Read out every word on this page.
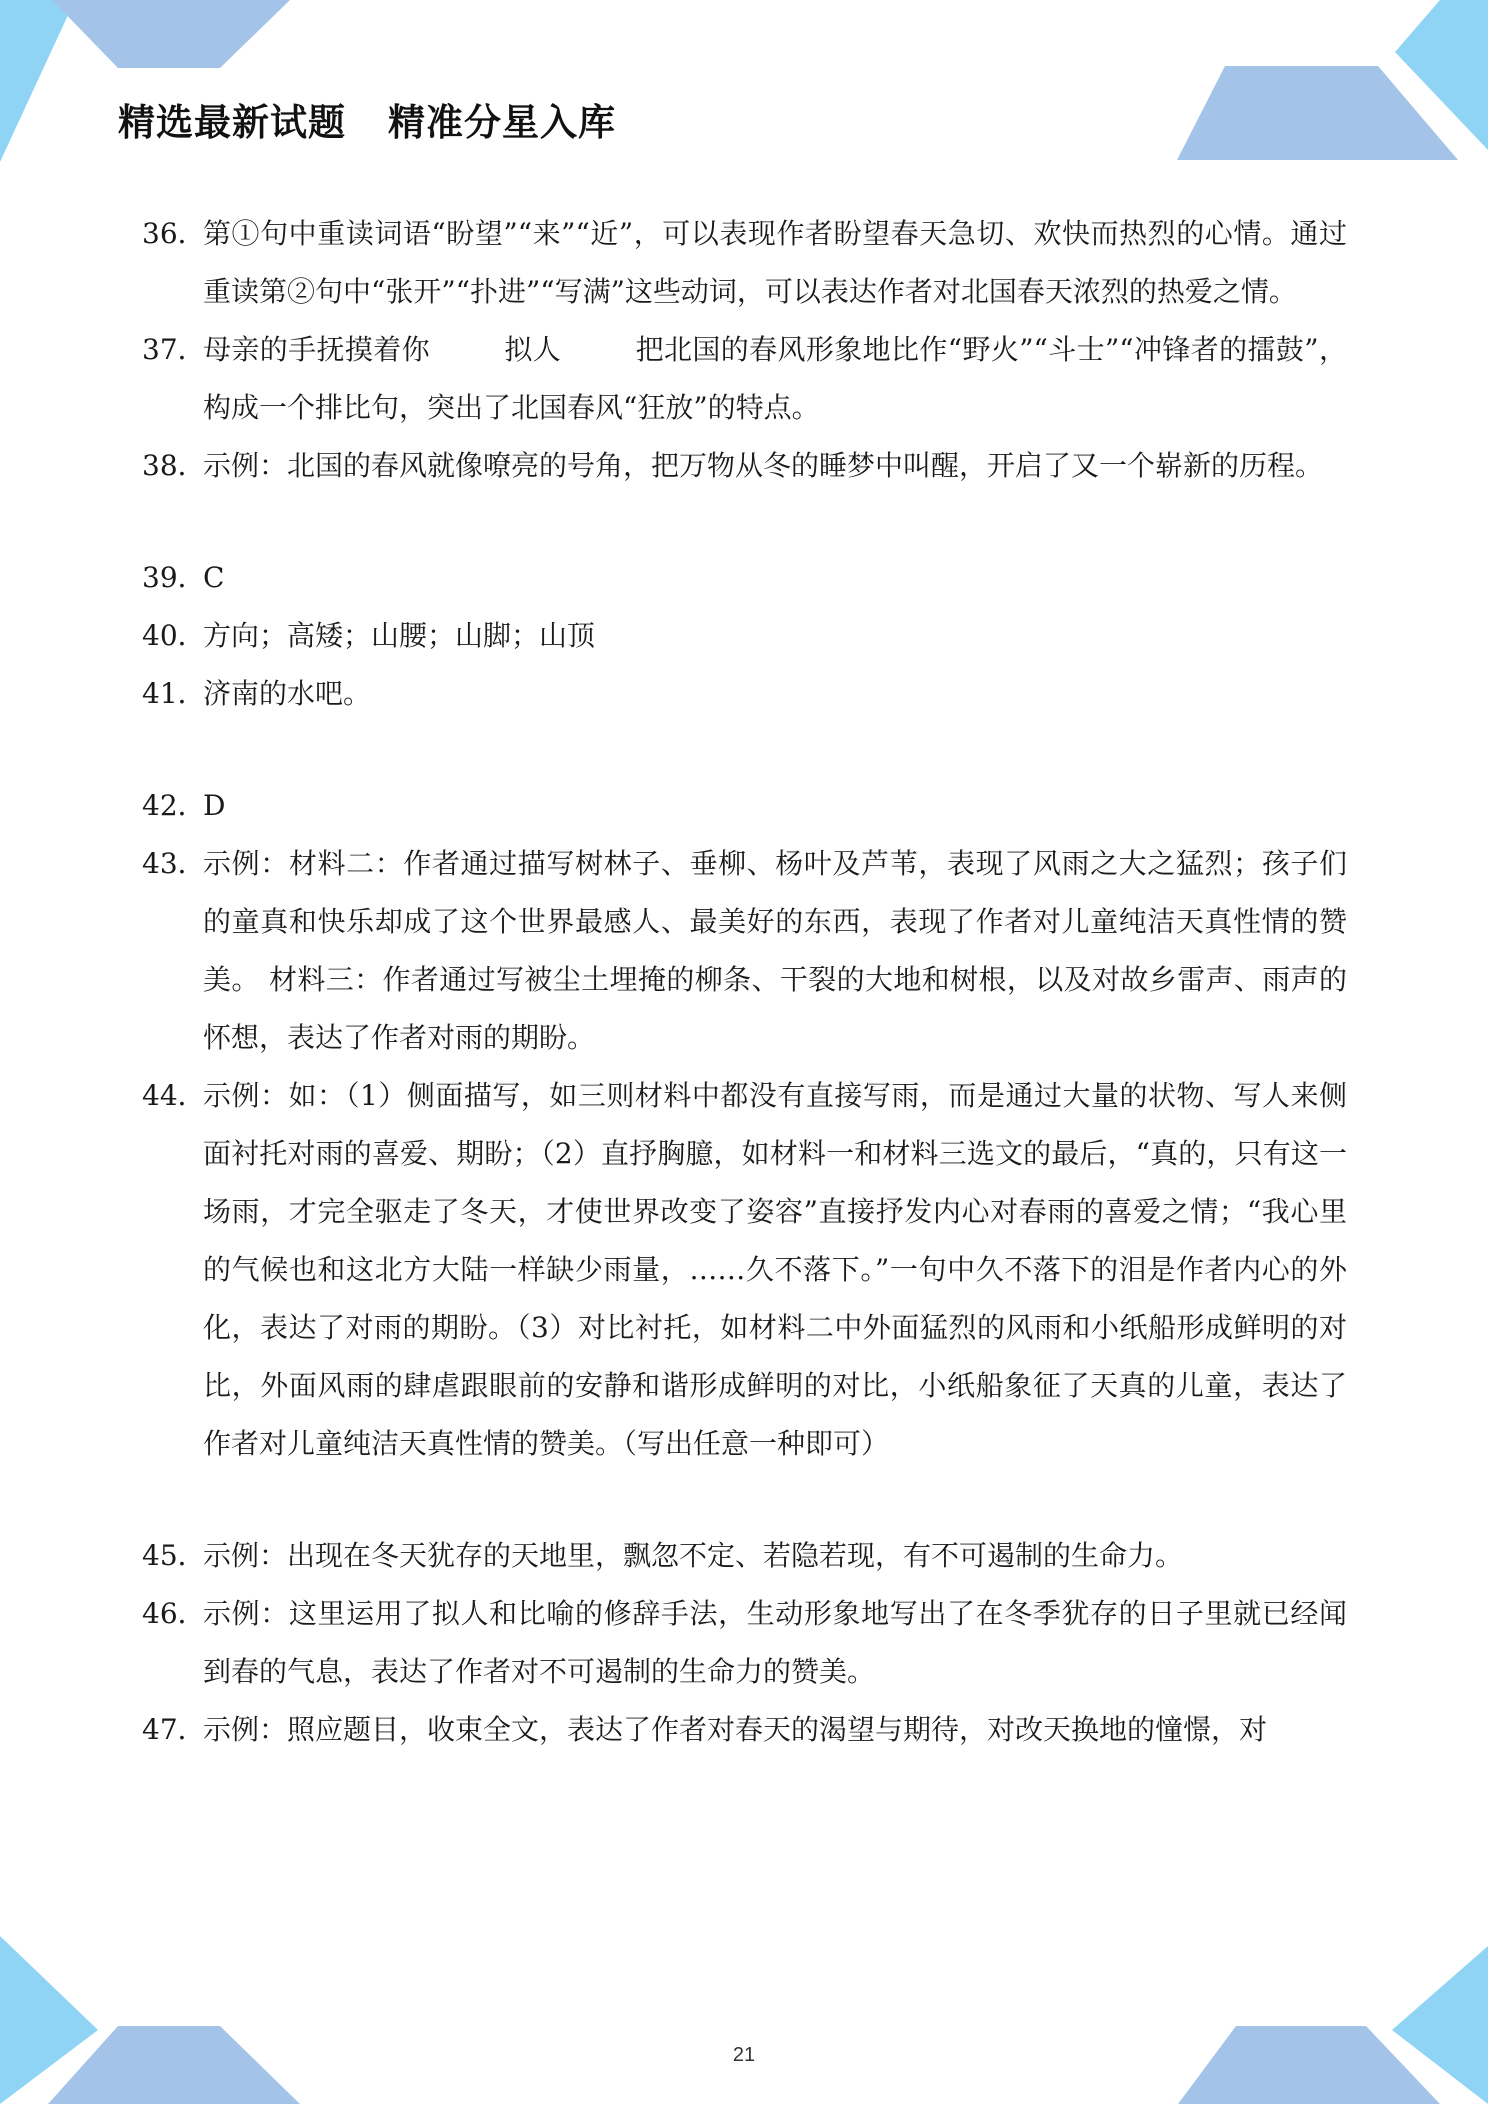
精选最新试题 精准分星入库
36．
第①句中重读词语“盼望”“来”“近”，可以表现作者盼望春天急切、欢快而热烈的心情。通过重读第②句中“张开”“扑进”“写满”这些动词，可以表达作者对北国春天浓烈的热爱之情。
37．
母亲的手抚摸着你	拟人	把北国的春风形象地比作“野火”“斗士”“冲锋者的擂鼓”，构成一个排比句，突出了北国春风“狂放”的特点。
38．
示例：北国的春风就像嘹亮的号角，把万物从冬的睡梦中叫醒，开启了又一个崭新的历程。
39．
C
40．
方向；高矮；山腰；山脚；山顶
41．
济南的水吧。
42．
D
43．
示例：材料二：作者通过描写树林子、垂柳、杨叶及芦苇，表现了风雨之大之猛烈；孩子们的童真和快乐却成了这个世界最感人、最美好的东西，表现了作者对儿童纯洁天真性情的赞美。 材料三：作者通过写被尘土埋掩的柳条、干裂的大地和树根，以及对故乡雷声、雨声的怀想，表达了作者对雨的期盼。
44．
示例：如：（1）侧面描写，如三则材料中都没有直接写雨，而是通过大量的状物、写人来侧面衬托对雨的喜爱、期盼；（2）直抒胸臆，如材料一和材料三选文的最后，“真的，只有这一场雨，才完全驱走了冬天，才使世界改变了姿容”直接抒发内心对春雨的喜爱之情；“我心里的气候也和这北方大陆一样缺少雨量，……久不落下。”一句中久不落下的泪是作者内心的外化，表达了对雨的期盼。（3）对比衬托，如材料二中外面猛烈的风雨和小纸船形成鲜明的对比，外面风雨的肆虐跟眼前的安静和谐形成鲜明的对比，小纸船象征了天真的儿童，表达了作者对儿童纯洁天真性情的赞美。（写出任意一种即可）
45．
示例：出现在冬天犹存的天地里，飘忽不定、若隐若现，有不可遏制的生命力。
46．
示例：这里运用了拟人和比喻的修辞手法，生动形象地写出了在冬季犹存的日子里就已经闻到春的气息，表达了作者对不可遏制的生命力的赞美。
47．
示例：照应题目，收束全文，表达了作者对春天的渴望与期待，对改天换地的憧憬，对
21
